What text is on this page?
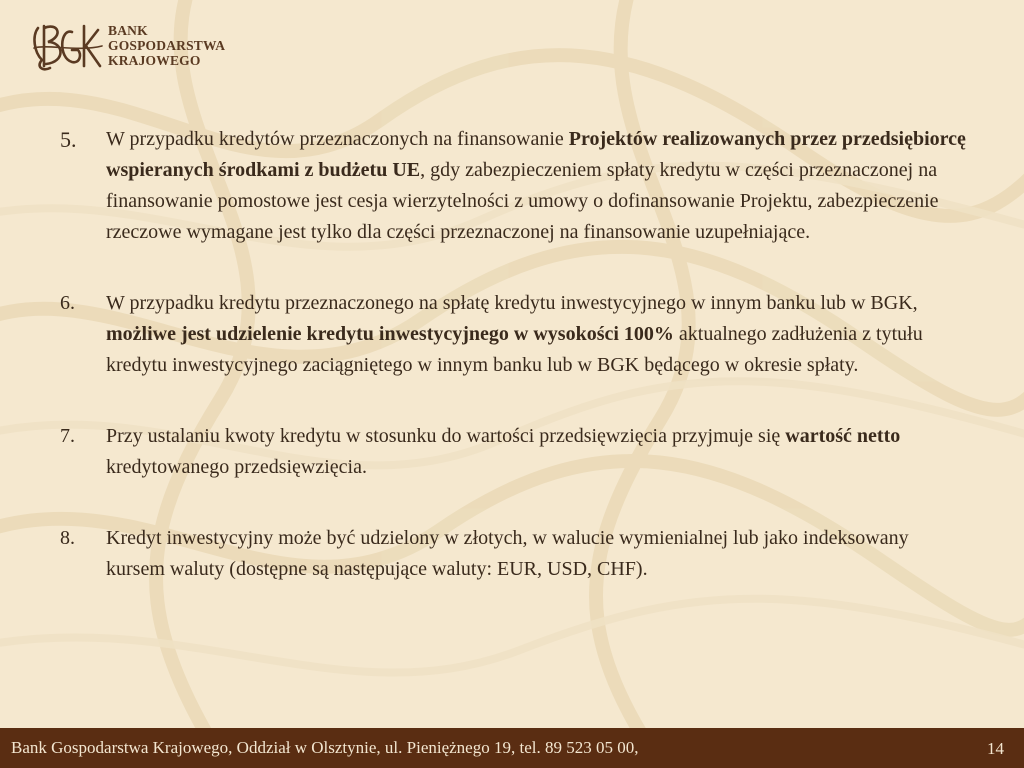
BANK
GOSPODARSTWA
KRAJOWEGO
5. W przypadku kredytów przeznaczonych na finansowanie Projektów realizowanych przez przedsiębiorcę wspieranych środkami z budżetu UE, gdy zabezpieczeniem spłaty kredytu w części przeznaczonej na finansowanie pomostowe jest cesja wierzytelności z umowy o dofinansowanie Projektu, zabezpieczenie rzeczowe wymagane jest tylko dla części przeznaczonej na finansowanie uzupełniające.
6. W przypadku kredytu przeznaczonego na spłatę kredytu inwestycyjnego w innym banku lub w BGK, możliwe jest udzielenie kredytu inwestycyjnego w wysokości 100% aktualnego zadłużenia z tytułu kredytu inwestycyjnego zaciągniętego w innym banku lub w BGK będącego w okresie spłaty.
7. Przy ustalaniu kwoty kredytu w stosunku do wartości przedsięwzięcia przyjmuje się wartość netto kredytowanego przedsięwzięcia.
8. Kredyt inwestycyjny może być udzielony w złotych, w walucie wymienialnej lub jako indeksowany kursem waluty (dostępne są następujące waluty: EUR, USD, CHF).
Bank Gospodarstwa Krajowego, Oddział w Olsztynie, ul. Pieniężnego 19, tel. 89 523 05 00,	14
